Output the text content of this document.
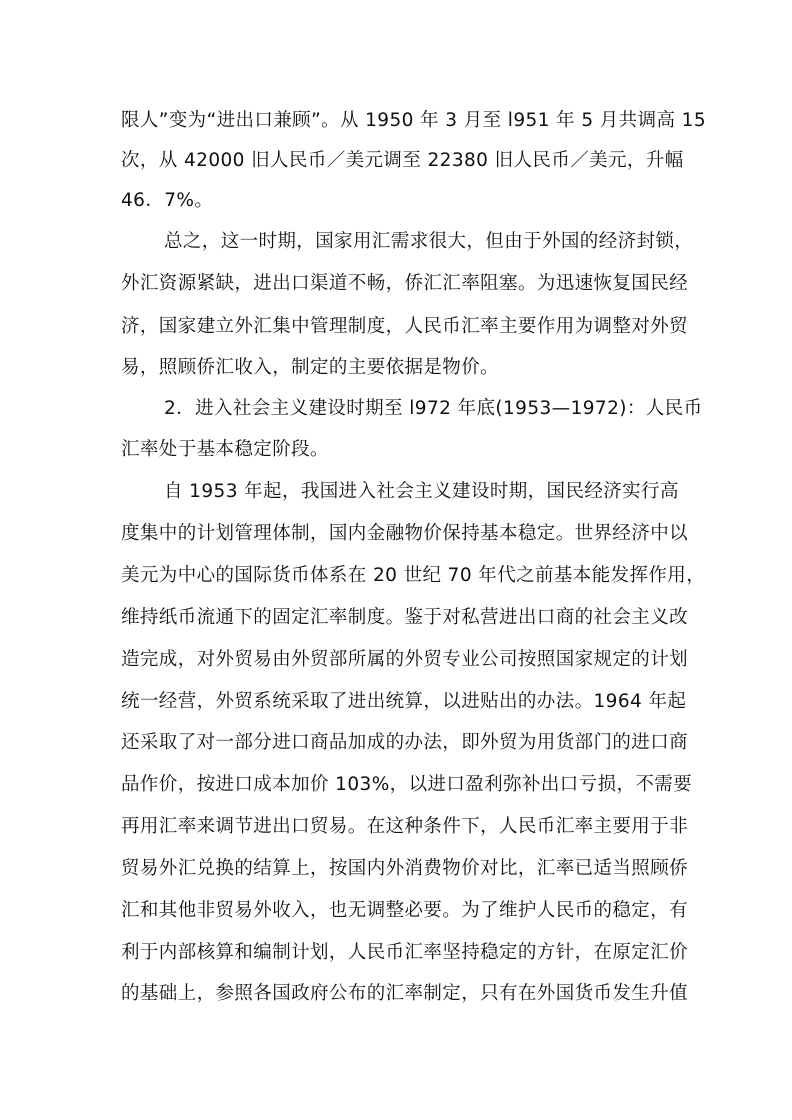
限人”变为“进出口兼顾”。从 1950 年 3 月至 l951 年 5 月共调高 15
次，从 42000 旧人民币／美元调至 22380 旧人民币／美元，升幅
46．7%。
总之，这一时期，国家用汇需求很大，但由于外国的经济封锁，
外汇资源紧缺，进出口渠道不畅，侨汇汇率阻塞。为迅速恢复国民经
济，国家建立外汇集中管理制度，人民币汇率主要作用为调整对外贸
易，照顾侨汇收入，制定的主要依据是物价。
2．进入社会主义建设时期至 l972 年底(1953—1972)：人民币
汇率处于基本稳定阶段。
自 1953 年起，我国进入社会主义建设时期，国民经济实行高
度集中的计划管理体制，国内金融物价保持基本稳定。世界经济中以
美元为中心的国际货币体系在 20 世纪 70 年代之前基本能发挥作用，
维持纸币流通下的固定汇率制度。鉴于对私营进出口商的社会主义改
造完成，对外贸易由外贸部所属的外贸专业公司按照国家规定的计划
统一经营，外贸系统采取了进出统算，以进贴出的办法。1964 年起
还采取了对一部分进口商品加成的办法，即外贸为用货部门的进口商
品作价，按进口成本加价 103%，以进口盈利弥补出口亏损，不需要
再用汇率来调节进出口贸易。在这种条件下，人民币汇率主要用于非
贸易外汇兑换的结算上，按国内外消费物价对比，汇率已适当照顾侨
汇和其他非贸易外收入，也无调整必要。为了维护人民币的稳定，有
利于内部核算和编制计划，人民币汇率坚持稳定的方针，在原定汇价
的基础上，参照各国政府公布的汇率制定，只有在外国货币发生升值
